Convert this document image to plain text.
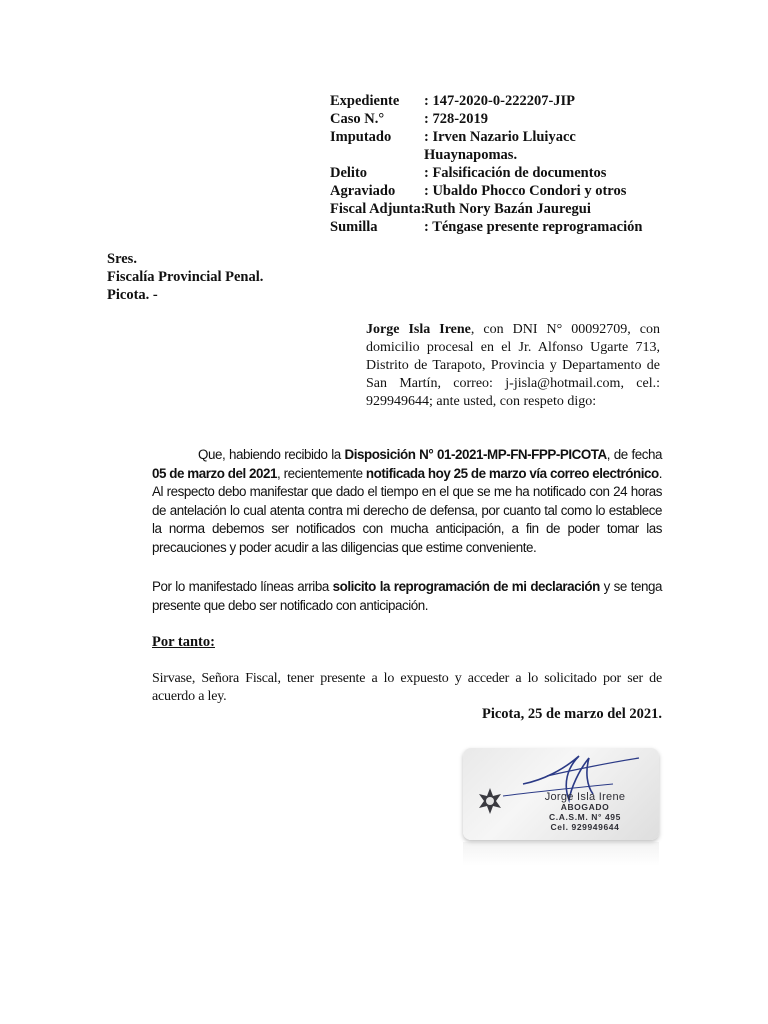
Expediente	: 147-2020-0-222207-JIP
Caso N.°	: 728-2019
Imputado	: Irven Nazario Lluiyacc
Huaynapomas.
Delito	: Falsificación de documentos
Agraviado	: Ubaldo Phocco Condori y otros
Fiscal Adjunta:
Ruth Nory Bazán Jauregui
Sumilla	: Téngase presente reprogramación
Sres.
Fiscalía Provincial Penal.
Picota. -
Jorge Isla Irene, con DNI N° 00092709, con domicilio procesal en el Jr. Alfonso Ugarte 713, Distrito de Tarapoto, Provincia y Departamento de San Martín, correo: j-jisla@hotmail.com, cel.: 929949644; ante usted, con respeto digo:
Que, habiendo recibido la Disposición N° 01-2021-MP-FN-FPP-PICOTA, de fecha 05 de marzo del 2021, recientemente notificada hoy 25 de marzo vía correo electrónico. Al respecto debo manifestar que dado el tiempo en el que se me ha notificado con 24 horas de antelación lo cual atenta contra mi derecho de defensa, por cuanto tal como lo establece la norma debemos ser notificados con mucha anticipación, a fin de poder tomar las precauciones y poder acudir a las diligencias que estime conveniente.
Por lo manifestado líneas arriba solicito la reprogramación de mi declaración y se tenga presente que debo ser notificado con anticipación.
Por tanto:
Sirvase, Señora Fiscal, tener presente a lo expuesto y acceder a lo solicitado por ser de acuerdo a ley.
Picota, 25 de marzo del 2021.
Jorge Isla Irene
ABOGADO
C.A.S.M. N° 495
Cel. 929949644
